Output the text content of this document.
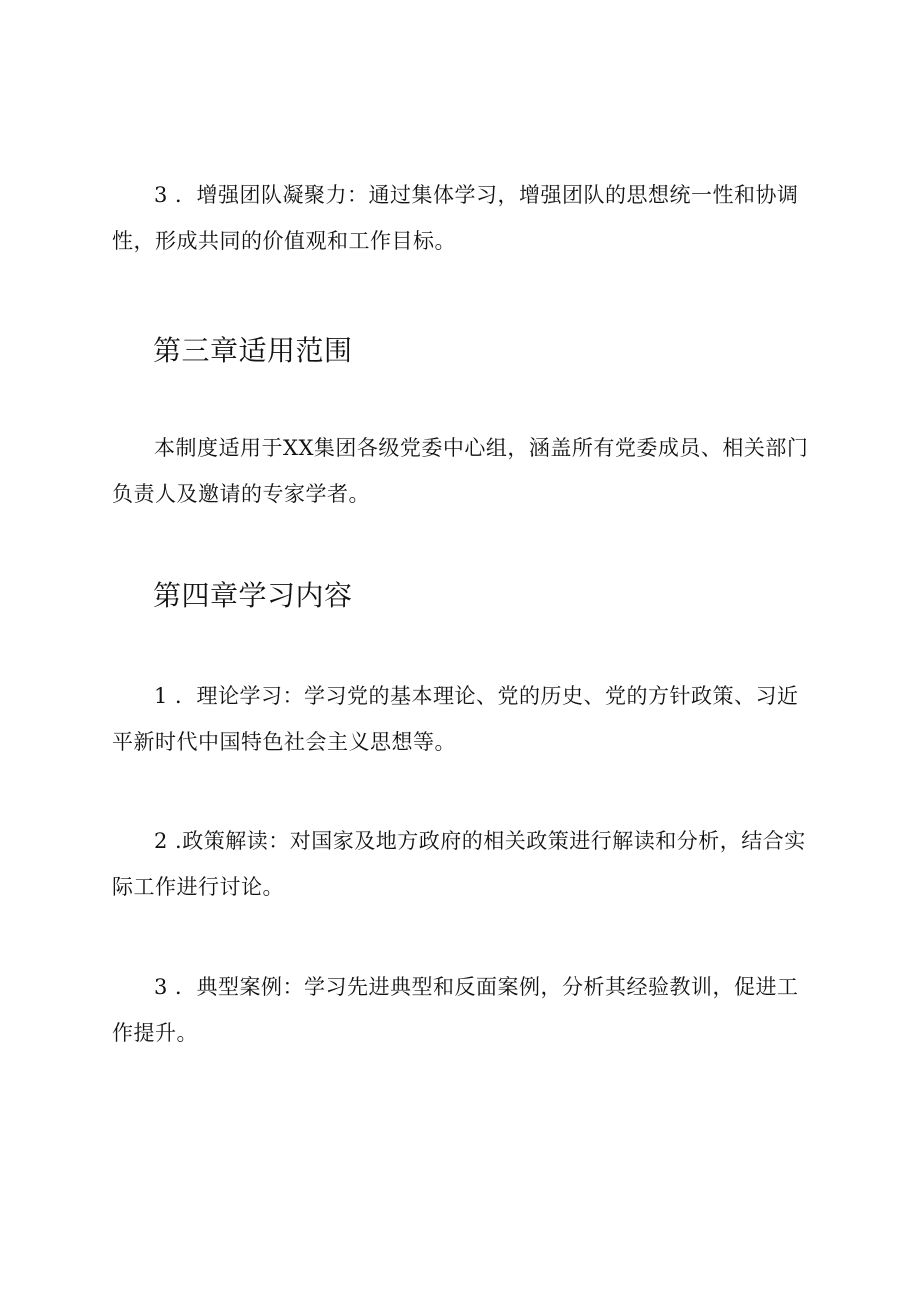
3 ．增强团队凝聚力：通过集体学习，增强团队的思想统一性和协调性，形成共同的价值观和工作目标。

第三章适用范围

本制度适用于XX集团各级党委中心组，涵盖所有党委成员、相关部门负责人及邀请的专家学者。

第四章学习内容

1 ．理论学习：学习党的基本理论、党的历史、党的方针政策、习近平新时代中国特色社会主义思想等。

2 .政策解读：对国家及地方政府的相关政策进行解读和分析，结合实际工作进行讨论。

3 ．典型案例：学习先进典型和反面案例，分析其经验教训，促进工作提升。
